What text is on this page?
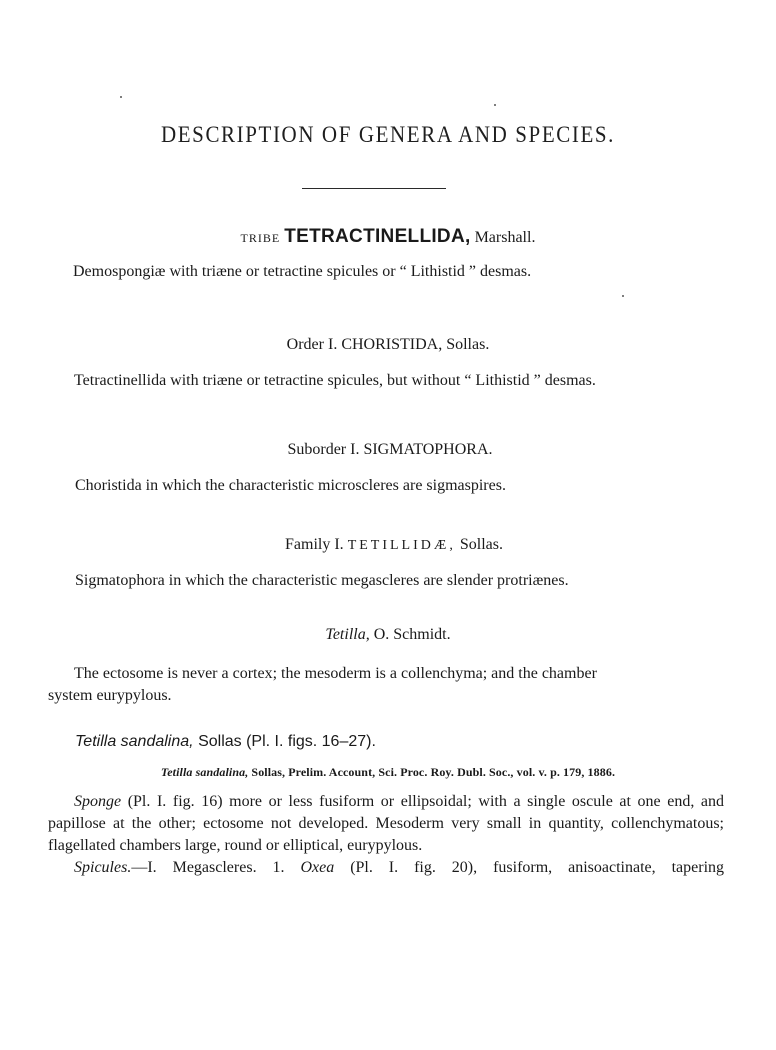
DESCRIPTION OF GENERA AND SPECIES.
TRIBE TETRACTINELLIDA, Marshall.
Demospongiæ with triæne or tetractine spicules or “ Lithistid ” desmas.
Order I. CHORISTIDA, Sollas.
Tetractinellida with triæne or tetractine spicules, but without “ Lithistid ” desmas.
Suborder I. SIGMATOPHORA.
Choristida in which the characteristic microscleres are sigmaspires.
Family I. TETILLIDÆ, Sollas.
Sigmatophora in which the characteristic megascleres are slender protriænes.
Tetilla, O. Schmidt.
The ectosome is never a cortex; the mesoderm is a collenchyma; and the chamber
system eurypylous.
Tetilla sandalina, Sollas (Pl. I. figs. 16–27).
Tetilla sandalina, Sollas, Prelim. Account, Sci. Proc. Roy. Dubl. Soc., vol. v. p. 179, 1886.
Sponge (Pl. I. fig. 16) more or less fusiform or ellipsoidal; with a single oscule at one end, and papillose at the other; ectosome not developed. Mesoderm very small in quantity, collenchymatous; flagellated chambers large, round or elliptical, eurypylous.
Spicules.—I. Megascleres. 1. Oxea (Pl. I. fig. 20), fusiform, anisoactinate, tapering
